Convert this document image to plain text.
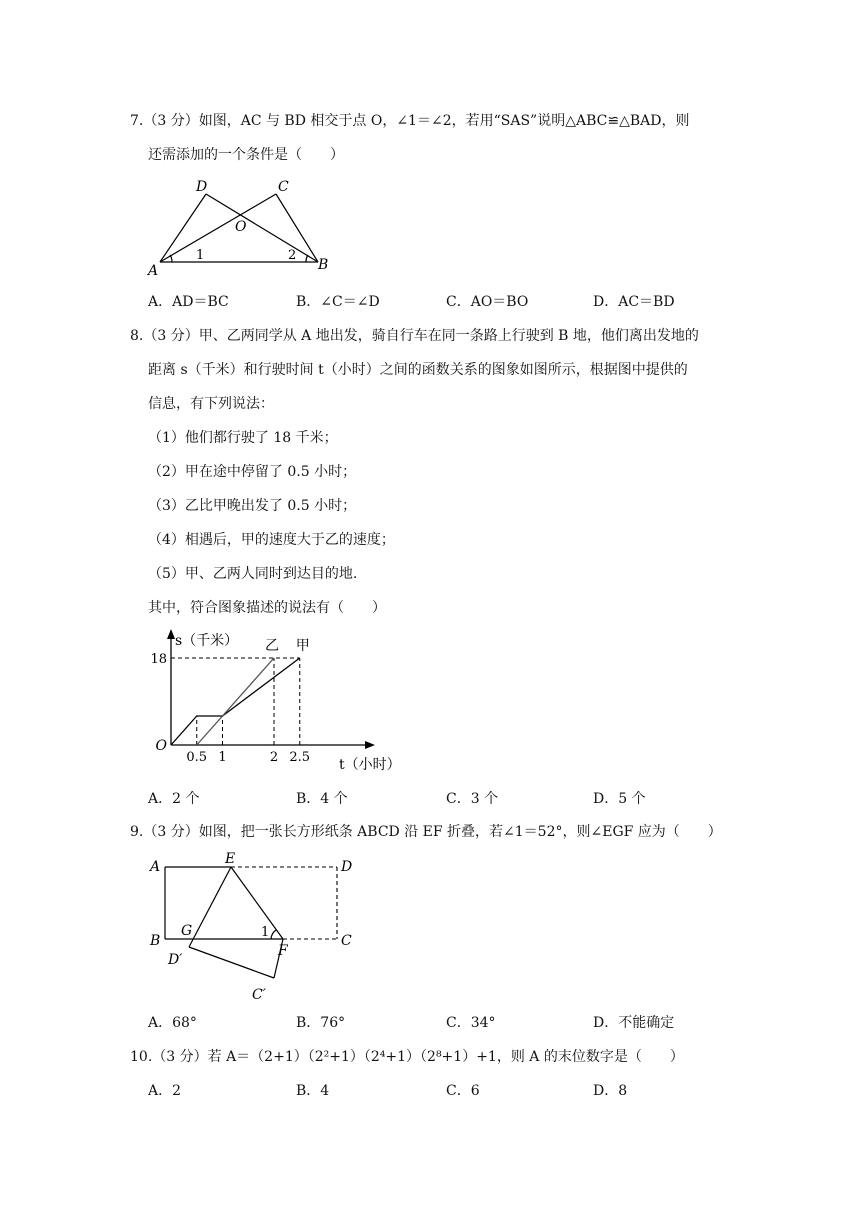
7.（3 分）如图，AC 与 BD 相交于点 O，∠1＝∠2，若用“SAS”说明△ABC≌△BAD，则
还需添加的一个条件是（　　）
D	C
O
A	B
1	2
A．AD＝BC	B．∠C＝∠D	C．AO＝BO	D．AC＝BD
8.（3 分）甲、乙两同学从 A 地出发，骑自行车在同一条路上行驶到 B 地，他们离出发地的
距离 s（千米）和行驶时间 t（小时）之间的函数关系的图象如图所示，根据图中提供的
信息，有下列说法：
（1）他们都行驶了 18 千米；
（2）甲在途中停留了 0.5 小时；
（3）乙比甲晚出发了 0.5 小时；
（4）相遇后，甲的速度大于乙的速度；
（5）甲、乙两人同时到达目的地.
其中，符合图象描述的说法有（　　）
0.5 1	2 2.5
18
O
s（千米）
t（小时）
乙 甲
A．2 个	B．4 个	C．3 个	D．5 个
9.（3 分）如图，把一张长方形纸条 ABCD 沿 EF 折叠，若∠1＝52°，则∠EGF 应为（　　）
A	E	D
B
G	1
C
D′
F
C′
A．68°	B．76°	C．34°	D．不能确定
10.（3 分）若 A＝（2+1）（2²+1）（2⁴+1）（2⁸+1）+1，则 A 的末位数字是（　　）
A．2	B．4	C．6	D．8
